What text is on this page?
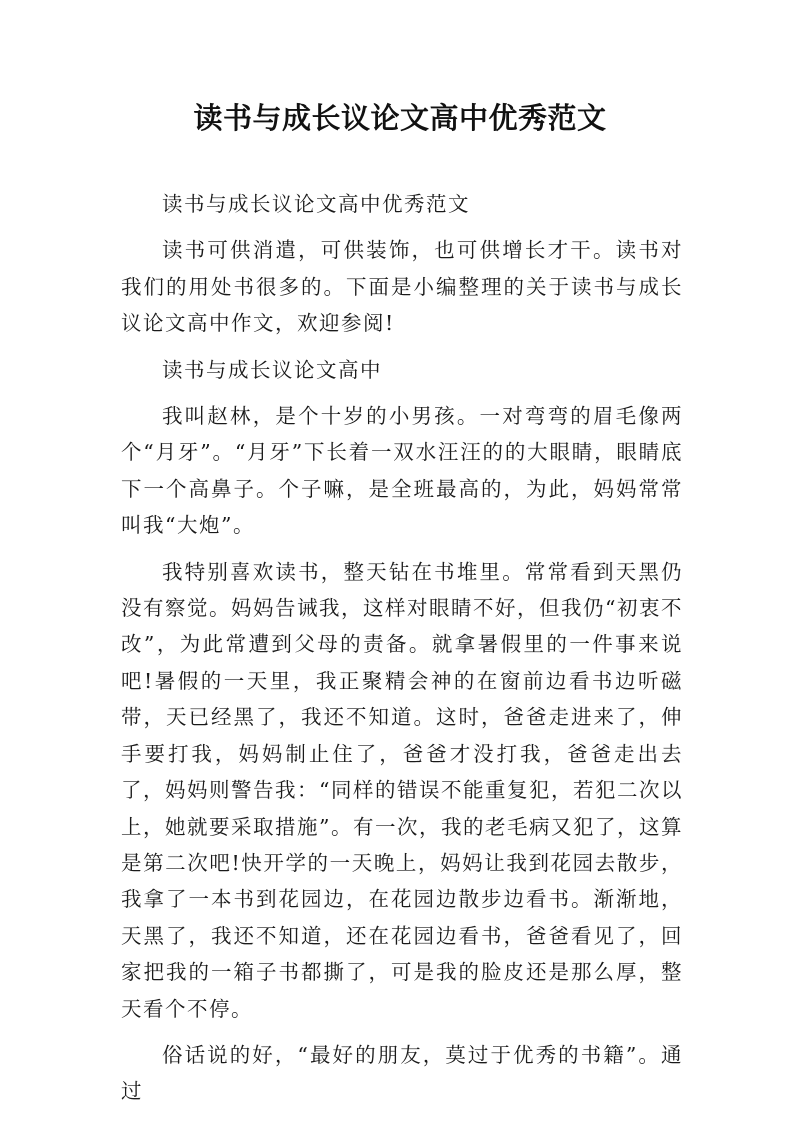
读书与成长议论文高中优秀范文

读书与成长议论文高中优秀范文

读书可供消遣，可供装饰，也可供增长才干。读书对我们的用处书很多的。下面是小编整理的关于读书与成长议论文高中作文，欢迎参阅!

读书与成长议论文高中

我叫赵林，是个十岁的小男孩。一对弯弯的眉毛像两个“月牙”。“月牙”下长着一双水汪汪的的大眼睛，眼睛底下一个高鼻子。个子嘛，是全班最高的，为此，妈妈常常叫我“大炮”。

我特别喜欢读书，整天钻在书堆里。常常看到天黑仍没有察觉。妈妈告诫我，这样对眼睛不好，但我仍“初衷不改”，为此常遭到父母的责备。就拿暑假里的一件事来说吧!暑假的一天里，我正聚精会神的在窗前边看书边听磁带，天已经黑了，我还不知道。这时，爸爸走进来了，伸手要打我，妈妈制止住了，爸爸才没打我，爸爸走出去了，妈妈则警告我：“同样的错误不能重复犯，若犯二次以上，她就要采取措施”。有一次，我的老毛病又犯了，这算是第二次吧!快开学的一天晚上，妈妈让我到花园去散步，我拿了一本书到花园边，在花园边散步边看书。渐渐地，天黑了，我还不知道，还在花园边看书，爸爸看见了，回家把我的一箱子书都撕了，可是我的脸皮还是那么厚，整天看个不停。

俗话说的好，“最好的朋友，莫过于优秀的书籍”。通过
